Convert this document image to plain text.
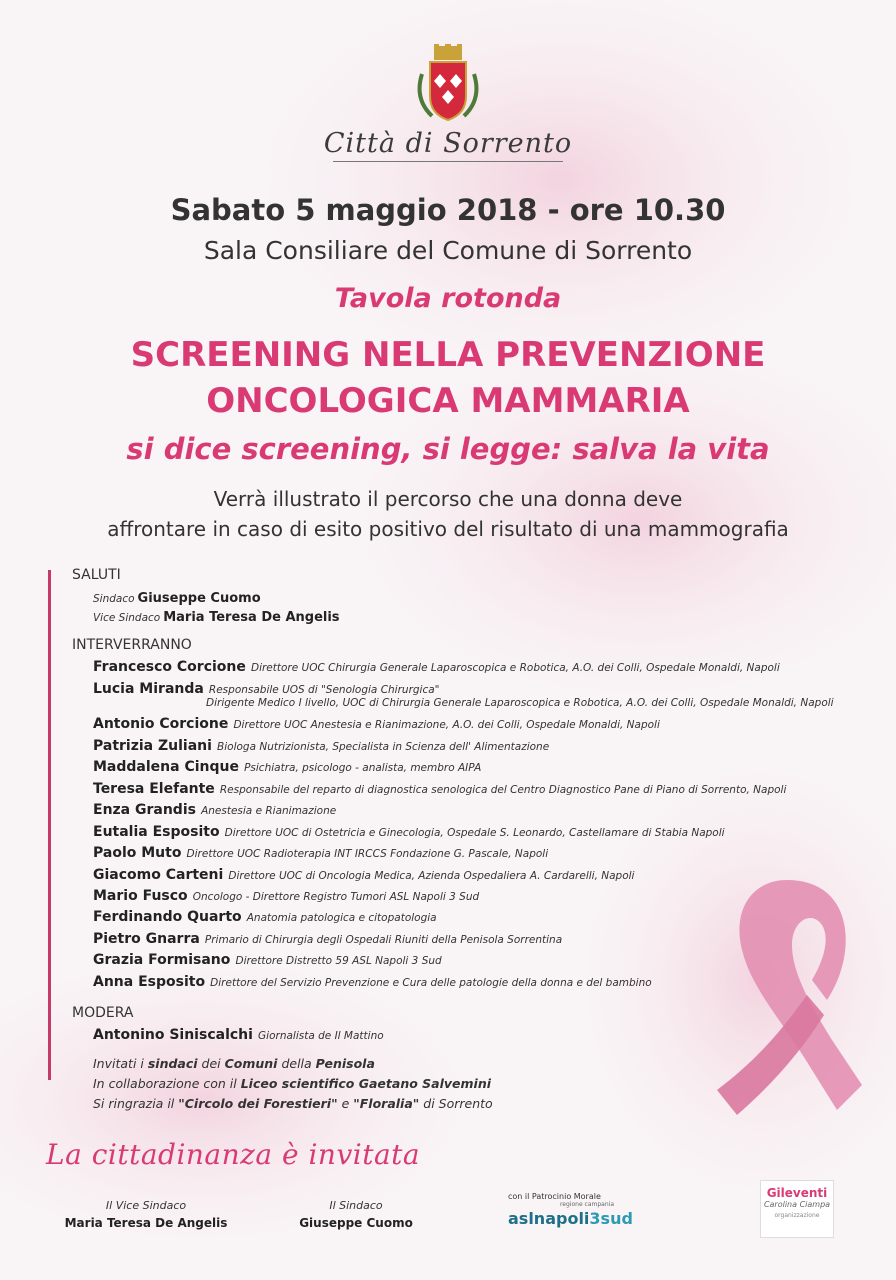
Città di Sorrento
Sabato 5 maggio 2018 - ore 10.30
Sala Consiliare del Comune di Sorrento
Tavola rotonda
SCREENING NELLA PREVENZIONE
ONCOLOGICA MAMMARIA
si dice screening, si legge: salva la vita
Verrà illustrato il percorso che una donna deve
affrontare in caso di esito positivo del risultato di una mammografia
SALUTI
Sindaco Giuseppe Cuomo
Vice Sindaco Maria Teresa De Angelis
INTERVERRANNO
Francesco Corcione Direttore UOC Chirurgia Generale Laparoscopica e Robotica, A.O. dei Colli, Ospedale Monaldi, Napoli
Lucia Miranda Responsabile UOS di "Senologia Chirurgica"
Dirigente Medico I livello, UOC di Chirurgia Generale Laparoscopica e Robotica, A.O. dei Colli, Ospedale Monaldi, Napoli
Antonio Corcione Direttore UOC Anestesia e Rianimazione, A.O. dei Colli, Ospedale Monaldi, Napoli
Patrizia Zuliani Biologa Nutrizionista, Specialista in Scienza dell' Alimentazione
Maddalena Cinque Psichiatra, psicologo - analista, membro AIPA
Teresa Elefante Responsabile del reparto di diagnostica senologica del Centro Diagnostico Pane di Piano di Sorrento, Napoli
Enza Grandis Anestesia e Rianimazione
Eutalia Esposito Direttore UOC di Ostetricia e Ginecologia, Ospedale S. Leonardo, Castellamare di Stabia Napoli
Paolo Muto Direttore UOC Radioterapia INT IRCCS Fondazione G. Pascale, Napoli
Giacomo Carteni Direttore UOC di Oncologia Medica, Azienda Ospedaliera A. Cardarelli, Napoli
Mario Fusco Oncologo - Direttore Registro Tumori ASL Napoli 3 Sud
Ferdinando Quarto Anatomia patologica e citopatologia
Pietro Gnarra Primario di Chirurgia degli Ospedali Riuniti della Penisola Sorrentina
Grazia Formisano Direttore Distretto 59 ASL Napoli 3 Sud
Anna Esposito Direttore del Servizio Prevenzione e Cura delle patologie della donna e del bambino
MODERA
Antonino Siniscalchi Giornalista de Il Mattino
Invitati i sindaci dei Comuni della Penisola
In collaborazione con il Liceo scientifico Gaetano Salvemini
Si ringrazia il "Circolo dei Forestieri" e "Floralia" di Sorrento
La cittadinanza è invitata
Il Vice Sindaco
Maria Teresa De Angelis
Il Sindaco
Giuseppe Cuomo
con il Patrocinio Morale
regione campania
aslnapoli3sud
Gileventi
Carolina Ciampa
organizzazione
